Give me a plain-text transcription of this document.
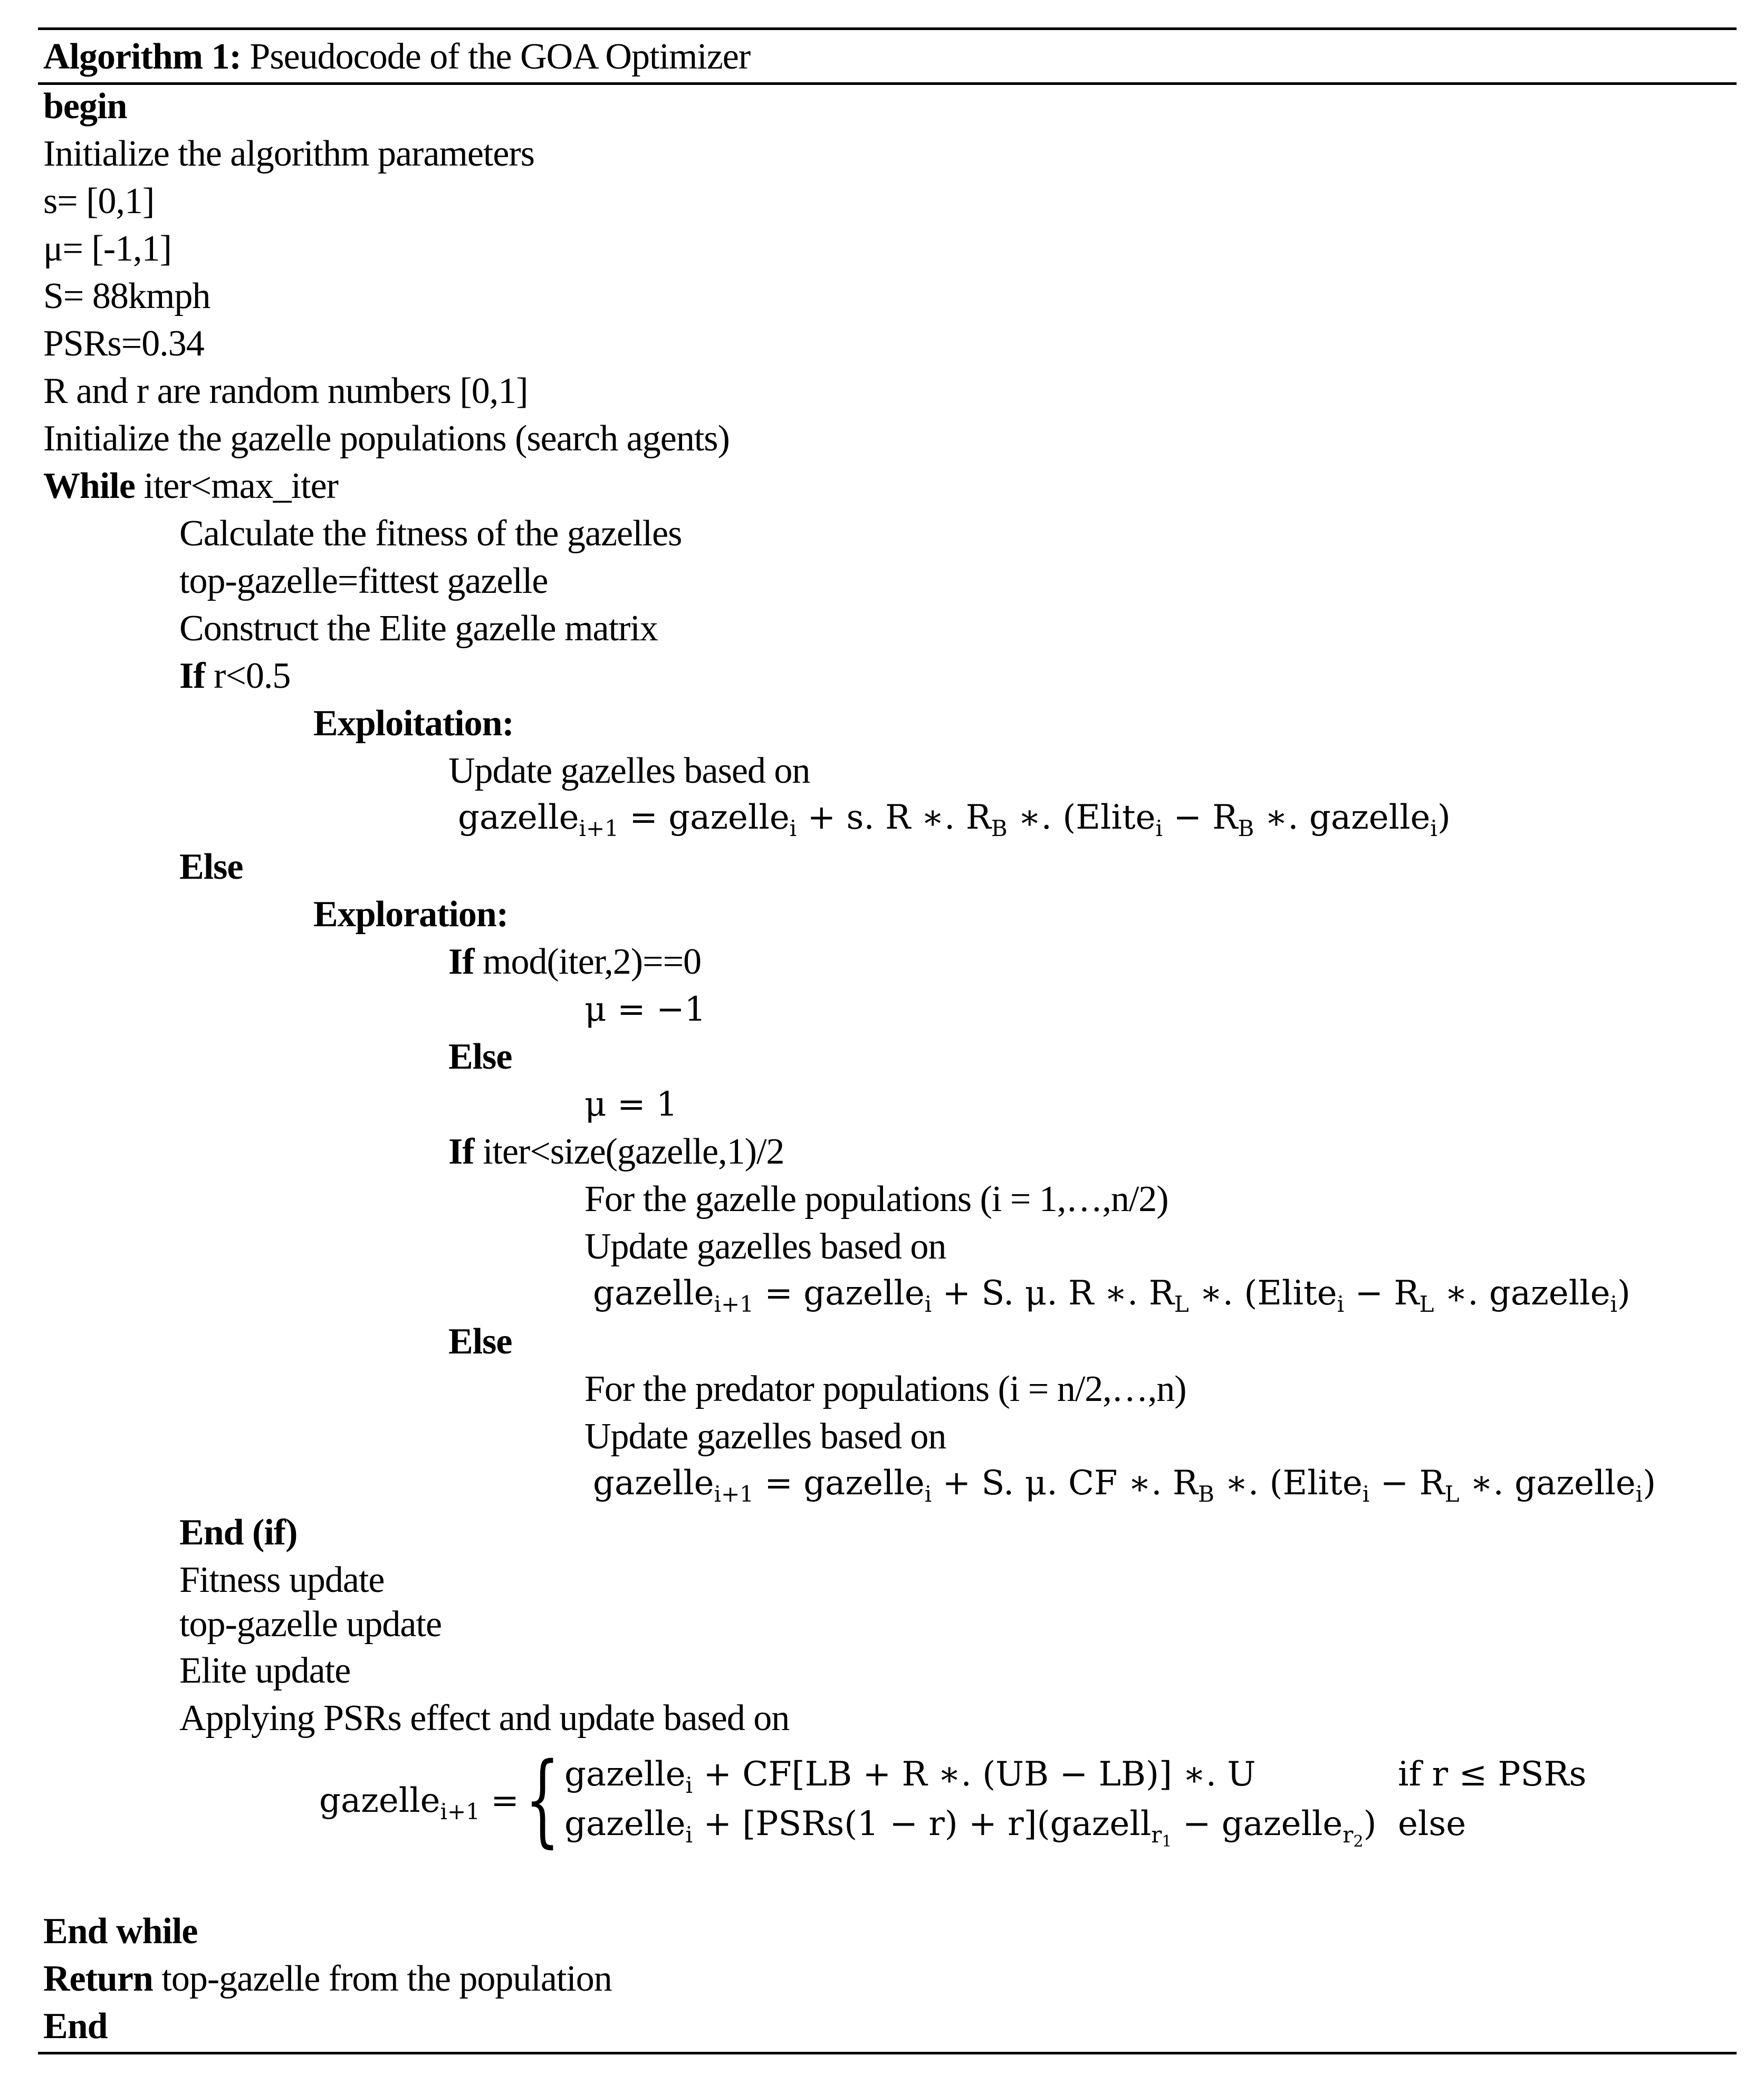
Algorithm 1: Pseudocode of the GOA Optimizer
begin
Initialize the algorithm parameters
s= [0,1]
μ= [-1,1]
S= 88kmph
PSRs=0.34
R and r are random numbers [0,1]
Initialize the gazelle populations (search agents)
While iter<max_iter
Calculate the fitness of the gazelles
top-gazelle=fittest gazelle
Construct the Elite gazelle matrix
If r<0.5
Exploitation:
Update gazelles based on
gazelle$_{i+1}$ = gazelle$_i$ + s. R ∗. $R_B$ ∗. (Elite$_i$ − $R_B$ ∗. gazelle$_i$)
Else
Exploration:
If mod(iter,2)==0
μ = −1
Else
μ = 1
If iter<size(gazelle,1)/2
For the gazelle populations (i = 1,…,n/2)
Update gazelles based on
gazelle$_{i+1}$ = gazelle$_i$ + S. μ. R ∗. $R_L$ ∗. (Elite$_i$ − $R_L$ ∗. gazelle$_i$)
Else
For the predator populations (i = n/2,…,n)
Update gazelles based on
gazelle$_{i+1}$ = gazelle$_i$ + S. μ. CF ∗. $R_B$ ∗. (Elite$_i$ − $R_L$ ∗. gazelle$_i$)
End (if)
Fitness update
top-gazelle update
Elite update
Applying PSRs effect and update based on
gazelle$_{i+1}$ = { gazelle$_i$ + CF[LB + R ∗. (UB − LB)] ∗. U	if r ≤ PSRs
gazelle$_i$ + [PSRs(1 − r) + r](gazell$_{r_1}$ − gazelle$_{r_2}$) else
End while
Return top-gazelle from the population
End
